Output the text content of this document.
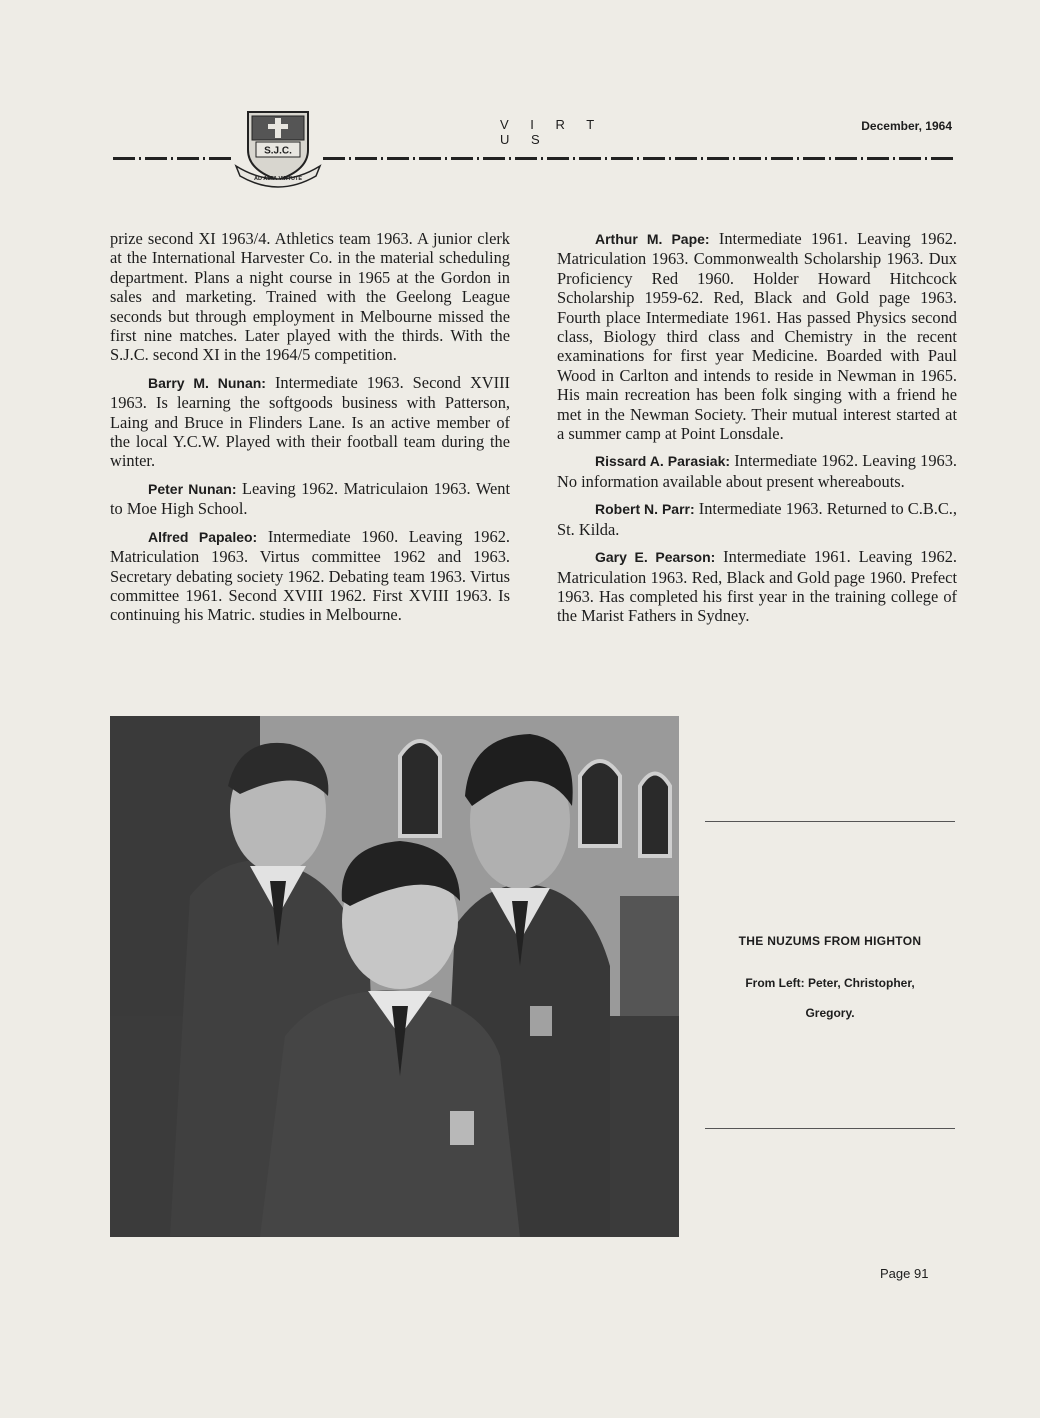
S.J.C.
AD ALTA VIRTUTE
V I R T U S
December, 1964

prize second XI 1963/4. Athletics team 1963. A junior clerk at the International Harvester Co. in the material scheduling department. Plans a night course in 1965 at the Gordon in sales and marketing. Trained with the Geelong League seconds but through employment in Melbourne missed the first nine matches. Later played with the thirds. With the S.J.C. second XI in the 1964/5 competition.

Barry M. Nunan: Intermediate 1963. Second XVIII 1963. Is learning the softgoods business with Patterson, Laing and Bruce in Flinders Lane. Is an active member of the local Y.C.W. Played with their football team during the winter.

Peter Nunan: Leaving 1962. Matriculaion 1963. Went to Moe High School.

Alfred Papaleo: Intermediate 1960. Leaving 1962. Matriculation 1963. Virtus committee 1962 and 1963. Secretary debating society 1962. Debating team 1963. Virtus committee 1961. Second XVIII 1962. First XVIII 1963. Is continuing his Matric. studies in Melbourne.

Arthur M. Pape: Intermediate 1961. Leaving 1962. Matriculation 1963. Commonwealth Scholarship 1963. Dux Proficiency Red 1960. Holder Howard Hitchcock Scholarship 1959-62. Red, Black and Gold page 1963. Fourth place Intermediate 1961. Has passed Physics second class, Biology third class and Chemistry in the recent examinations for first year Medicine. Boarded with Paul Wood in Carlton and intends to reside in Newman in 1965. His main recreation has been folk singing with a friend he met in the Newman Society. Their mutual interest started at a summer camp at Point Lonsdale.

Rissard A. Parasiak: Intermediate 1962. Leaving 1963. No information available about present whereabouts.

Robert N. Parr: Intermediate 1963. Returned to C.B.C., St. Kilda.

Gary E. Pearson: Intermediate 1961. Leaving 1962. Matriculation 1963. Red, Black and Gold page 1960. Prefect 1963. Has completed his first year in the training college of the Marist Fathers in Sydney.

THE NUZUMS FROM HIGHTON
From Left: Peter, Christopher,
Gregory.
Page 91
